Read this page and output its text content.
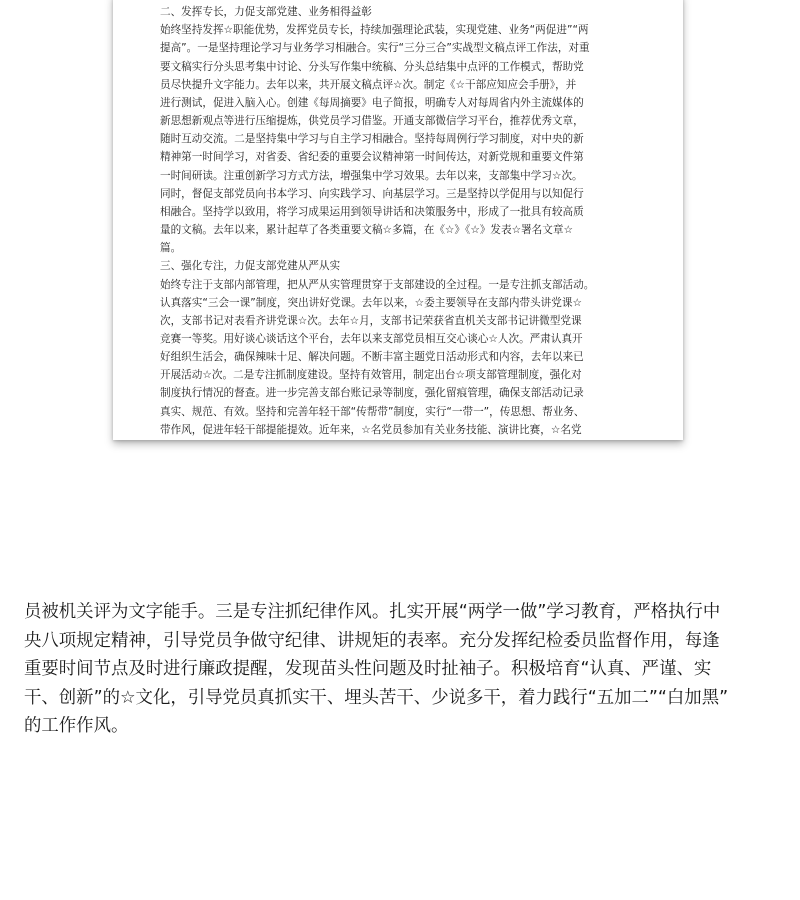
二、发挥专长，力促支部党建、业务相得益彰

始终坚持发挥☆职能优势，发挥党员专长，持续加强理论武装，实现党建、业务“两促进”“两

提高”。一是坚持理论学习与业务学习相融合。实行“三分三合”实战型文稿点评工作法，对重

要文稿实行分头思考集中讨论、分头写作集中统稿、分头总结集中点评的工作模式，帮助党

员尽快提升文字能力。去年以来，共开展文稿点评☆次。制定《☆干部应知应会手册》，并

进行测试，促进入脑入心。创建《每周摘要》电子简报，明确专人对每周省内外主流媒体的

新思想新观点等进行压缩提炼，供党员学习借鉴。开通支部微信学习平台，推荐优秀文章，

随时互动交流。二是坚持集中学习与自主学习相融合。坚持每周例行学习制度，对中央的新

精神第一时间学习，对省委、省纪委的重要会议精神第一时间传达，对新党规和重要文件第

一时间研读。注重创新学习方式方法，增强集中学习效果。去年以来，支部集中学习☆次。

同时，督促支部党员向书本学习、向实践学习、向基层学习。三是坚持以学促用与以知促行

相融合。坚持学以致用，将学习成果运用到领导讲话和决策服务中，形成了一批具有较高质

量的文稿。去年以来，累计起草了各类重要文稿☆多篇，在《☆》《☆》发表☆署名文章☆

篇。

三、强化专注，力促支部党建从严从实

始终专注于支部内部管理，把从严从实管理贯穿于支部建设的全过程。一是专注抓支部活动。

认真落实“三会一课”制度，突出讲好党课。去年以来，☆委主要领导在支部内带头讲党课☆

次，支部书记对表看齐讲党课☆次。去年☆月，支部书记荣获省直机关支部书记讲微型党课

竞赛一等奖。用好谈心谈话这个平台，去年以来支部党员相互交心谈心☆人次。严肃认真开

好组织生活会，确保辣味十足、解决问题。不断丰富主题党日活动形式和内容，去年以来已

开展活动☆次。二是专注抓制度建设。坚持有效管用，制定出台☆项支部管理制度，强化对

制度执行情况的督查。进一步完善支部台账记录等制度，强化留痕管理，确保支部活动记录

真实、规范、有效。坚持和完善年轻干部“传帮带”制度，实行“一带一”，传思想、帮业务、

带作风，促进年轻干部提能提效。近年来，☆名党员参加有关业务技能、演讲比赛，☆名党

员被机关评为文字能手。三是专注抓纪律作风。扎实开展“两学一做”学习教育，严格执行中

央八项规定精神，引导党员争做守纪律、讲规矩的表率。充分发挥纪检委员监督作用，每逢

重要时间节点及时进行廉政提醒，发现苗头性问题及时扯袖子。积极培育“认真、严谨、实

干、创新”的☆文化，引导党员真抓实干、埋头苦干、少说多干，着力践行“五加二”“白加黑”

的工作作风。
